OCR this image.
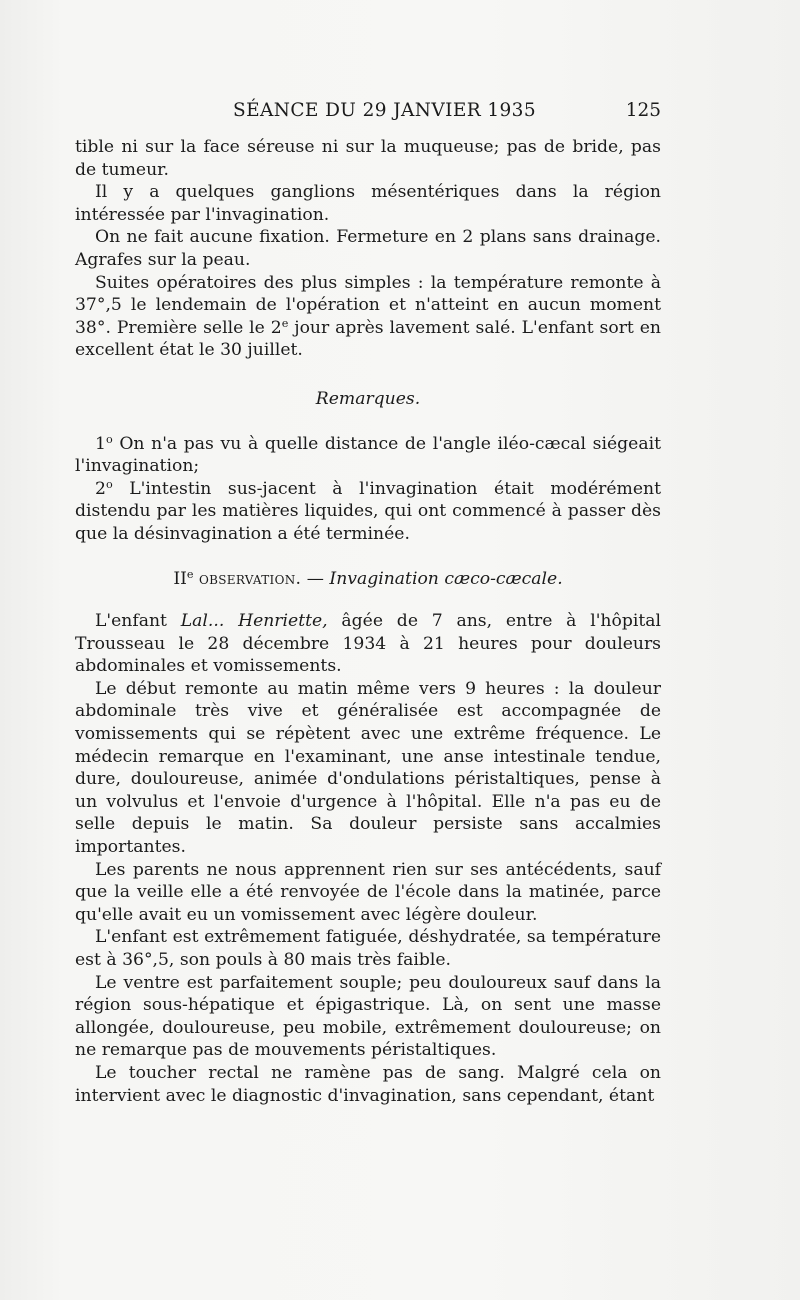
SÉANCE DU 29 JANVIER 1935	125

tible ni sur la face séreuse ni sur la muqueuse; pas de bride, pas de tumeur.

Il y a quelques ganglions mésentériques dans la région intéressée par l'invagination.

On ne fait aucune fixation. Fermeture en 2 plans sans drainage. Agrafes sur la peau.

Suites opératoires des plus simples : la température remonte à 37°,5 le lendemain de l'opération et n'atteint en aucun moment 38°. Première selle le 2e jour après lavement salé. L'enfant sort en excellent état le 30 juillet.

Remarques.

1$^o$ On n'a pas vu à quelle distance de l'angle iléo-cæcal siégeait l'invagination;

2$^o$ L'intestin sus-jacent à l'invagination était modérément distendu par les matières liquides, qui ont commencé à passer dès que la désinvagination a été terminée.

IIe observation. — Invagination cæco-cæcale.

L'enfant Lal... Henriette, âgée de 7 ans, entre à l'hôpital Trousseau le 28 décembre 1934 à 21 heures pour douleurs abdominales et vomissements.

Le début remonte au matin même vers 9 heures : la douleur abdominale très vive et généralisée est accompagnée de vomissements qui se répètent avec une extrême fréquence. Le médecin remarque en l'examinant, une anse intestinale tendue, dure, douloureuse, animée d'ondulations péristaltiques, pense à un volvulus et l'envoie d'urgence à l'hôpital. Elle n'a pas eu de selle depuis le matin. Sa douleur persiste sans accalmies importantes.

Les parents ne nous apprennent rien sur ses antécédents, sauf que la veille elle a été renvoyée de l'école dans la matinée, parce qu'elle avait eu un vomissement avec légère douleur.

L'enfant est extrêmement fatiguée, déshydratée, sa température est à 36°,5, son pouls à 80 mais très faible.

Le ventre est parfaitement souple; peu douloureux sauf dans la région sous-hépatique et épigastrique. Là, on sent une masse allongée, douloureuse, peu mobile, extrêmement douloureuse; on ne remarque pas de mouvements péristaltiques.

Le toucher rectal ne ramène pas de sang. Malgré cela on intervient avec le diagnostic d'invagination, sans cependant, étant
